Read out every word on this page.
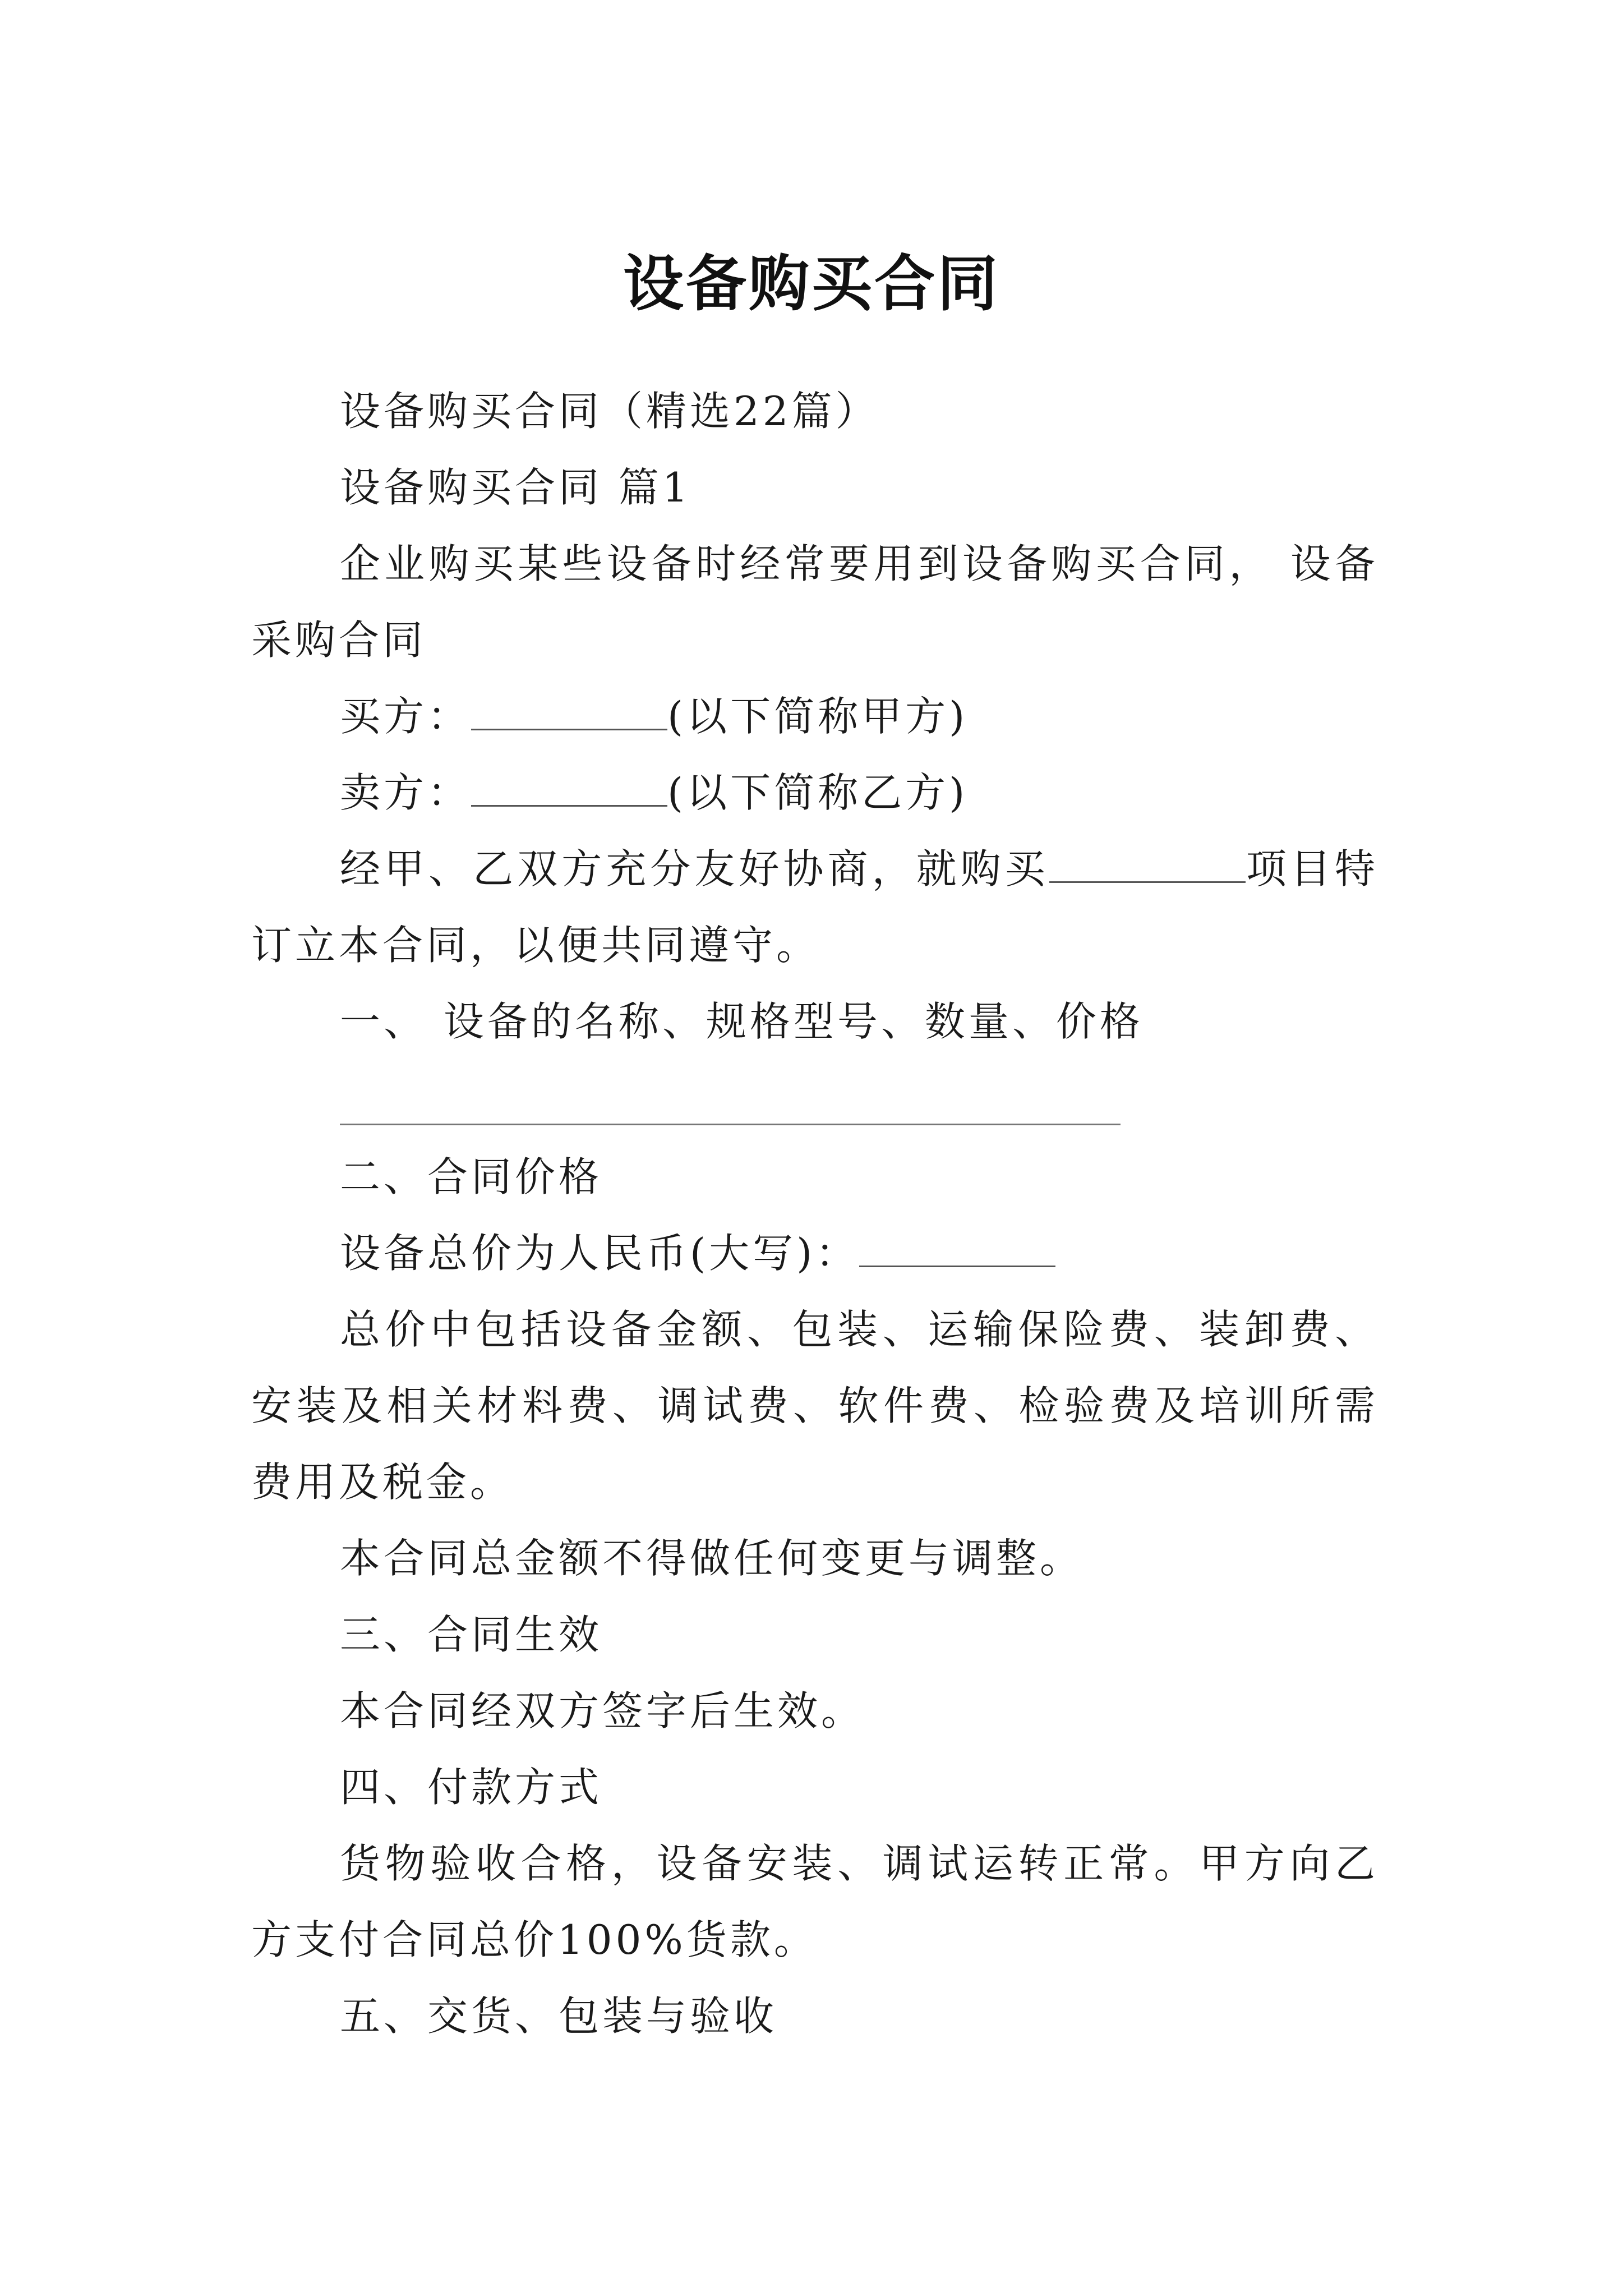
设备购买合同

设备购买合同（精选22篇）

设备购买合同 篇1

企业购买某些设备时经常要用到设备购买合同， 设备采购合同

买方：	(以下简称甲方)

卖方：	(以下简称乙方)

经甲、乙双方充分友好协商，就购买	项目特订立本合同，以便共同遵守。

一、 设备的名称、规格型号、数量、价格

二、合同价格

设备总价为人民币(大写)：

总价中包括设备金额、包装、运输保险费、装卸费、安装及相关材料费、调试费、软件费、检验费及培训所需费用及税金。

本合同总金额不得做任何变更与调整。

三、合同生效

本合同经双方签字后生效。

四、付款方式

货物验收合格，设备安装、调试运转正常。甲方向乙方支付合同总价100%货款。

五、交货、包装与验收
